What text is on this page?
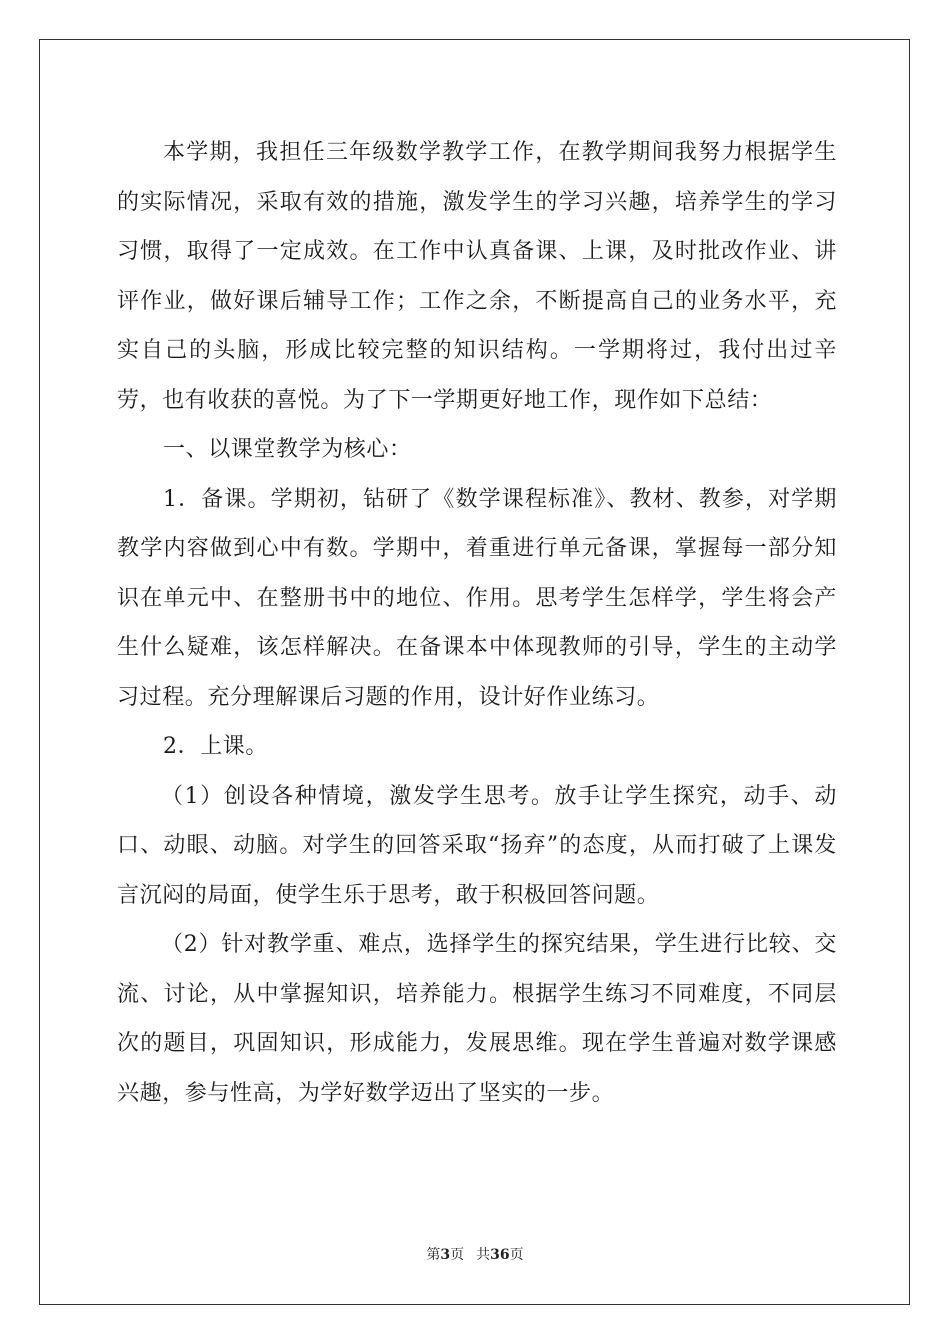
本学期，我担任三年级数学教学工作，在教学期间我努力根据学生的实际情况，采取有效的措施，激发学生的学习兴趣，培养学生的学习习惯，取得了一定成效。在工作中认真备课、上课，及时批改作业、讲评作业，做好课后辅导工作；工作之余，不断提高自己的业务水平，充实自己的头脑，形成比较完整的知识结构。一学期将过，我付出过辛劳，也有收获的喜悦。为了下一学期更好地工作，现作如下总结：

一、以课堂教学为核心：

1．备课。学期初，钻研了《数学课程标准》、教材、教参，对学期教学内容做到心中有数。学期中，着重进行单元备课，掌握每一部分知识在单元中、在整册书中的地位、作用。思考学生怎样学，学生将会产生什么疑难，该怎样解决。在备课本中体现教师的引导，学生的主动学习过程。充分理解课后习题的作用，设计好作业练习。

2．上课。

（1）创设各种情境，激发学生思考。放手让学生探究，动手、动口、动眼、动脑。对学生的回答采取“扬弃”的态度，从而打破了上课发言沉闷的局面，使学生乐于思考，敢于积极回答问题。

（2）针对教学重、难点，选择学生的探究结果，学生进行比较、交流、讨论，从中掌握知识，培养能力。根据学生练习不同难度，不同层次的题目，巩固知识，形成能力，发展思维。现在学生普遍对数学课感兴趣，参与性高，为学好数学迈出了坚实的一步。

第3页 共36页
